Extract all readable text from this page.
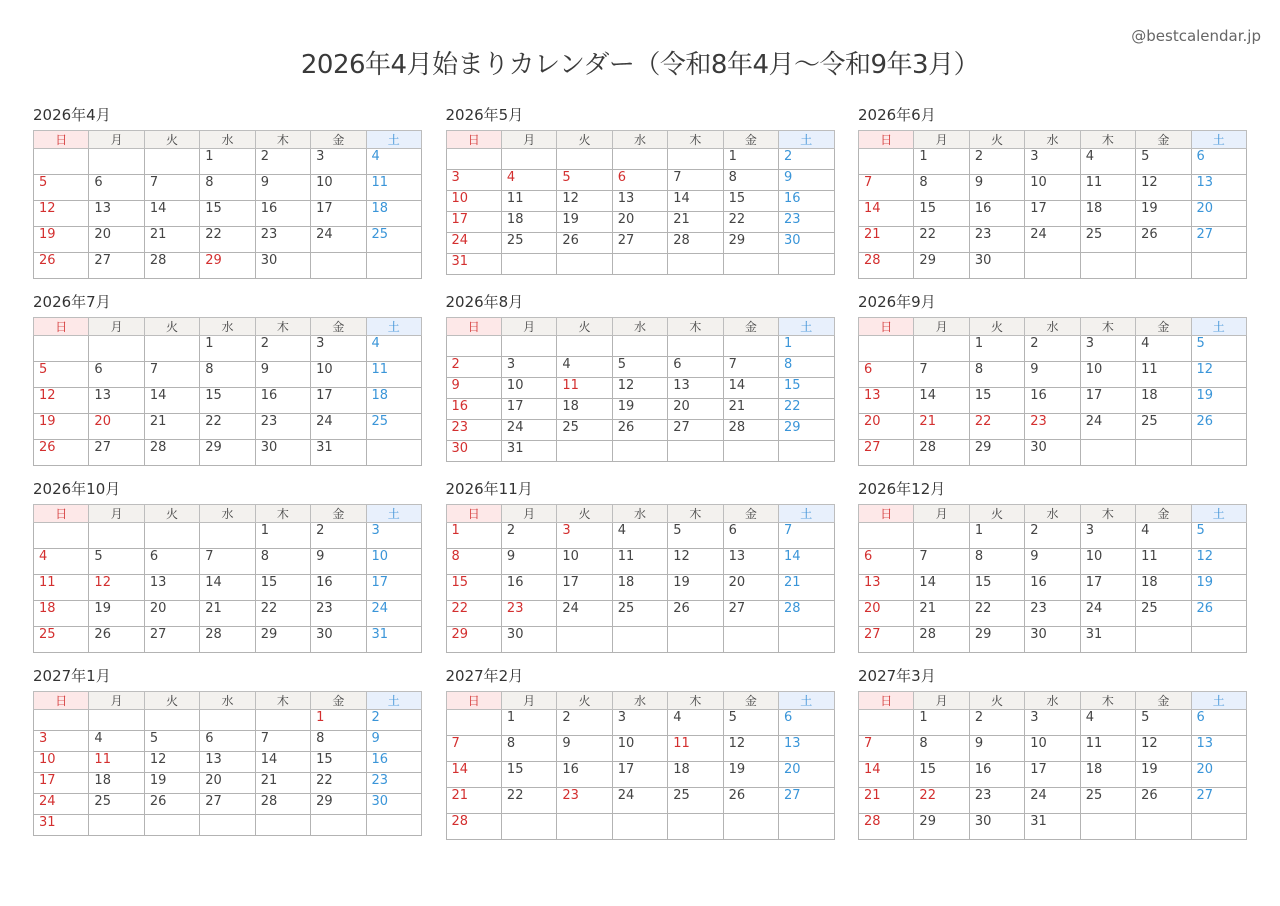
@bestcalendar.jp
2026年4月始まりカレンダー（令和8年4月〜令和9年3月）
2026年4月
日	月	火	水	木	金	土
			1	2	3	4
5	6	7	8	9	10	11
12	13	14	15	16	17	18
19	20	21	22	23	24	25
26	27	28	29	30		
2026年5月
日	月	火	水	木	金	土
					1	2
3	4	5	6	7	8	9
10	11	12	13	14	15	16
17	18	19	20	21	22	23
24	25	26	27	28	29	30
31						
2026年6月
日	月	火	水	木	金	土
	1	2	3	4	5	6
7	8	9	10	11	12	13
14	15	16	17	18	19	20
21	22	23	24	25	26	27
28	29	30				
2026年7月
日	月	火	水	木	金	土
			1	2	3	4
5	6	7	8	9	10	11
12	13	14	15	16	17	18
19	20	21	22	23	24	25
26	27	28	29	30	31	
2026年8月
日	月	火	水	木	金	土
						1
2	3	4	5	6	7	8
9	10	11	12	13	14	15
16	17	18	19	20	21	22
23	24	25	26	27	28	29
30	31					
2026年9月
日	月	火	水	木	金	土
		1	2	3	4	5
6	7	8	9	10	11	12
13	14	15	16	17	18	19
20	21	22	23	24	25	26
27	28	29	30			
2026年10月
日	月	火	水	木	金	土
				1	2	3
4	5	6	7	8	9	10
11	12	13	14	15	16	17
18	19	20	21	22	23	24
25	26	27	28	29	30	31
2026年11月
日	月	火	水	木	金	土
1	2	3	4	5	6	7
8	9	10	11	12	13	14
15	16	17	18	19	20	21
22	23	24	25	26	27	28
29	30					
2026年12月
日	月	火	水	木	金	土
		1	2	3	4	5
6	7	8	9	10	11	12
13	14	15	16	17	18	19
20	21	22	23	24	25	26
27	28	29	30	31		
2027年1月
日	月	火	水	木	金	土
					1	2
3	4	5	6	7	8	9
10	11	12	13	14	15	16
17	18	19	20	21	22	23
24	25	26	27	28	29	30
31						
2027年2月
日	月	火	水	木	金	土
	1	2	3	4	5	6
7	8	9	10	11	12	13
14	15	16	17	18	19	20
21	22	23	24	25	26	27
28						
2027年3月
日	月	火	水	木	金	土
	1	2	3	4	5	6
7	8	9	10	11	12	13
14	15	16	17	18	19	20
21	22	23	24	25	26	27
28	29	30	31			
